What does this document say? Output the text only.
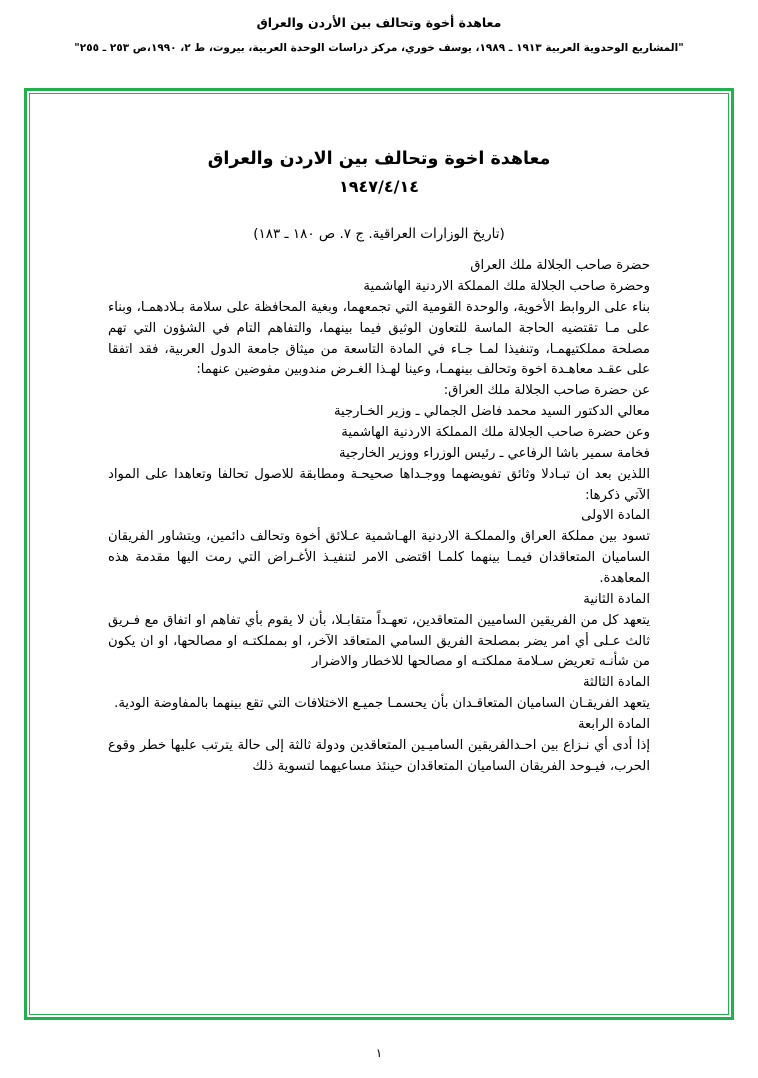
معاهدة أخوة وتحالف بين الأردن والعراق
"المشاريع الوحدوية العربية ١٩١٣ ـ ١٩٨٩، يوسف خوري، مركز دراسات الوحدة العربية، بيروت، ط ٢، ١٩٩٠،ص ٢٥٣ ـ ٢٥٥"
معاهدة اخوة وتحالف بين الاردن والعراق
١٩٤٧/٤/١٤
(تاريخ الوزارات العراقية. ج ٧. ص ١٨٠ ـ ١٨٣)

حضرة صاحب الجلالة ملك العراق

وحضرة صاحب الجلالة ملك المملكة الاردنية الهاشمية

بناء على الروابط الأخوية، والوحدة القومية التي تجمعهما، وبغية المحافظة على سلامة بـلادهمـا، وبناء على مـا تقتضيه الحاجة الماسة للتعاون الوثيق فيما بينهما، والتفاهم التام في الشؤون التي تهم مصلحة مملكتيهمـا، وتنفيذا لمـا جـاء في المادة التاسعة من ميثاق جامعة الدول العربية، فقد اتفقا على عقـد معاهـدة اخوة وتحالف بينهمـا، وعينا لهـذا الغـرض مندوبين مفوضين عنهما:

عن حضرة صاحب الجلالة ملك العراق:

معالي الدكتور السيد محمد فاضل الجمالي ـ وزير الخـارجية

وعن حضرة صاحب الجلالة ملك المملكة الاردنية الهاشمية

فخامة سمير باشا الرفاعي ـ رئيس الوزراء ووزير الخارجية

اللذين بعد ان تبـادلا وثائق تفويضهما ووجـداها صحيحـة ومطابقة للاصول تحالفا وتعاهدا على المواد الآتي ذكرها:

المادة الاولى

تسود بين مملكة العراق والمملكـة الاردنية الهـاشمية عـلائق أخوة وتحالف دائمين، ويتشاور الفريقان الساميان المتعاقدان فيمـا بينهما كلمـا اقتضى الامر لتنفيـذ الأغـراض التي رمت اليها مقدمة هذه المعاهدة.

المادة الثانية

يتعهد كل من الفريقين الساميين المتعاقدين، تعهـداً متقابـلا، بأن لا يقوم بأي تفاهم او اتفاق مع فـريق ثالث عـلى أي امر يضر بمصلحة الفريق السامي المتعاقد الآخر، او بمملكتـه او مصالحها، او ان يكون من شأنـه تعريض سـلامة مملكتـه او مصالحها للاخطار والاضرار

المادة الثالثة

يتعهد الفريقـان الساميان المتعاقـدان بأن يحسمـا جميـع الاختلافات التي تقع بينهما بالمفاوضة الودية.

المادة الرابعة

إذا أدى أي نـزاع بين احـدالفريقين الساميـين المتعاقدين ودولة ثالثة إلى حالة يترتب عليها خطر وقوع الحرب، فيـوحد الفريقان الساميان المتعاقدان حينئذ مساعيهما لتسوية ذلك

١
